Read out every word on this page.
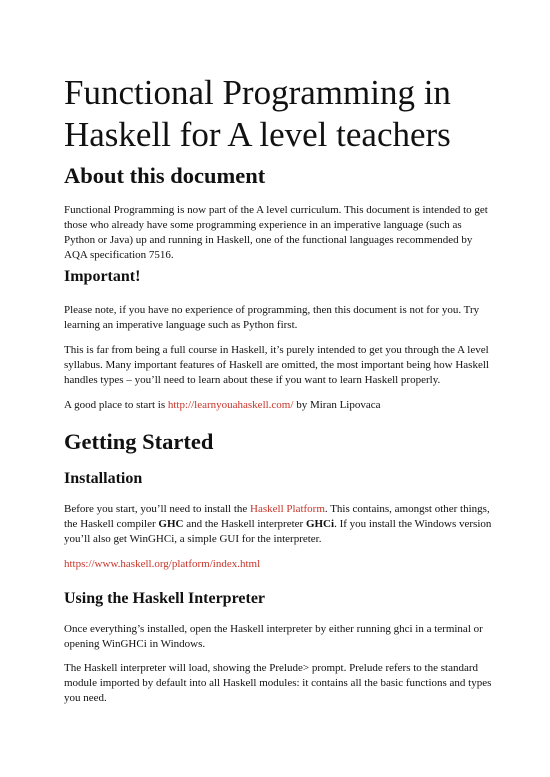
Functional Programming in Haskell for A level teachers
About this document

Functional Programming is now part of the A level curriculum. This document is intended to get those who already have some programming experience in an imperative language (such as Python or Java) up and running in Haskell, one of the functional languages recommended by AQA specification 7516.

Important!

Please note, if you have no experience of programming, then this document is not for you. Try learning an imperative language such as Python first.

This is far from being a full course in Haskell, it’s purely intended to get you through the A level syllabus. Many important features of Haskell are omitted, the most important being how Haskell handles types – you’ll need to learn about these if you want to learn Haskell properly.

A good place to start is http://learnyouahaskell.com/ by Miran Lipovaca

Getting Started
Installation

Before you start, you’ll need to install the Haskell Platform. This contains, amongst other things, the Haskell compiler GHC and the Haskell interpreter GHCi. If you install the Windows version you’ll also get WinGHCi, a simple GUI for the interpreter.

https://www.haskell.org/platform/index.html

Using the Haskell Interpreter

Once everything’s installed, open the Haskell interpreter by either running ghci in a terminal or opening WinGHCi in Windows.

The Haskell interpreter will load, showing the Prelude> prompt. Prelude refers to the standard module imported by default into all Haskell modules: it contains all the basic functions and types you need.
